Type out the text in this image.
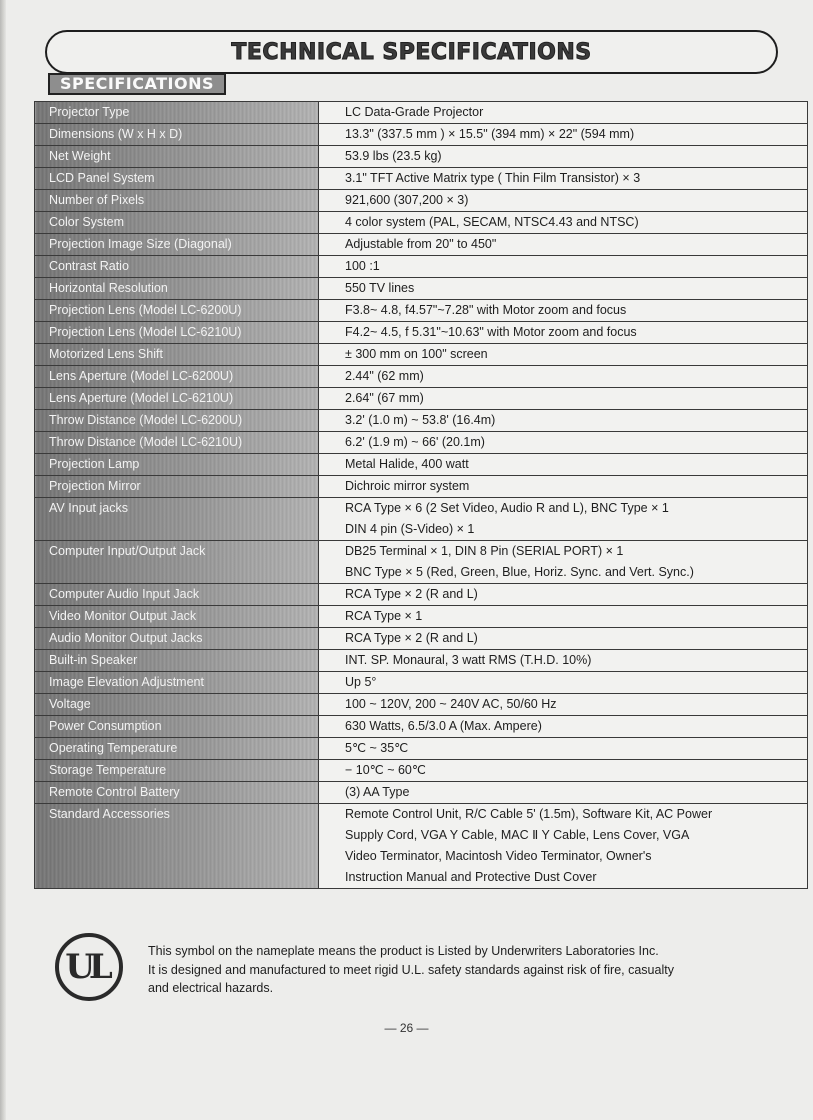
TECHNICAL SPECIFICATIONS
SPECIFICATIONS
Projector Type	LC Data-Grade Projector

Dimensions (W x H x D)	13.3" (337.5 mm ) × 15.5" (394 mm) × 22" (594 mm)

Net Weight	53.9 lbs (23.5 kg)

LCD Panel System	3.1" TFT Active Matrix type ( Thin Film Transistor) × 3

Number of Pixels	921,600 (307,200 × 3)

Color System	4 color system (PAL, SECAM, NTSC4.43 and NTSC)

Projection Image Size (Diagonal)	Adjustable from 20" to 450"

Contrast Ratio	100 :1

Horizontal Resolution	550 TV lines

Projection Lens (Model LC-6200U)	F3.8~ 4.8, f4.57"~7.28" with Motor zoom and focus

Projection Lens (Model LC-6210U)	F4.2~ 4.5, f 5.31"~10.63" with Motor zoom and focus

Motorized Lens Shift	± 300 mm on 100" screen

Lens Aperture (Model LC-6200U)	2.44" (62 mm)

Lens Aperture (Model LC-6210U)	2.64" (67 mm)

Throw Distance (Model LC-6200U)	3.2' (1.0 m) ~ 53.8' (16.4m)

Throw Distance (Model LC-6210U)	6.2' (1.9 m) ~ 66' (20.1m)

Projection Lamp	Metal Halide, 400 watt

Projection Mirror	Dichroic mirror system

AV Input jacks	RCA Type × 6 (2 Set Video, Audio R and L), BNC Type × 1
DIN 4 pin (S-Video) × 1

Computer Input/Output Jack	DB25 Terminal × 1, DIN 8 Pin (SERIAL PORT) × 1
BNC Type × 5 (Red, Green, Blue, Horiz. Sync. and Vert. Sync.)

Computer Audio Input Jack	RCA Type × 2 (R and L)

Video Monitor Output Jack	RCA Type × 1

Audio Monitor Output Jacks	RCA Type × 2 (R and L)

Built-in Speaker	INT. SP. Monaural, 3 watt RMS (T.H.D. 10%)

Image Elevation Adjustment	Up 5°

Voltage	100 ~ 120V, 200 ~ 240V AC, 50/60 Hz

Power Consumption	630 Watts, 6.5/3.0 A (Max. Ampere)

Operating Temperature	5℃ ~ 35℃

Storage Temperature	− 10℃ ~ 60℃

Remote Control Battery	(3) AA Type

Standard Accessories	Remote Control Unit, R/C Cable 5' (1.5m), Software Kit, AC Power
Supply Cord, VGA Y Cable, MAC Ⅱ Y Cable, Lens Cover, VGA
Video Terminator, Macintosh Video Terminator, Owner's
Instruction Manual and Protective Dust Cover
UL	This symbol on the nameplate means the product is Listed by Underwriters Laboratories Inc.
It is designed and manufactured to meet rigid U.L. safety standards against risk of fire, casualty
and electrical hazards.
— 26 —
